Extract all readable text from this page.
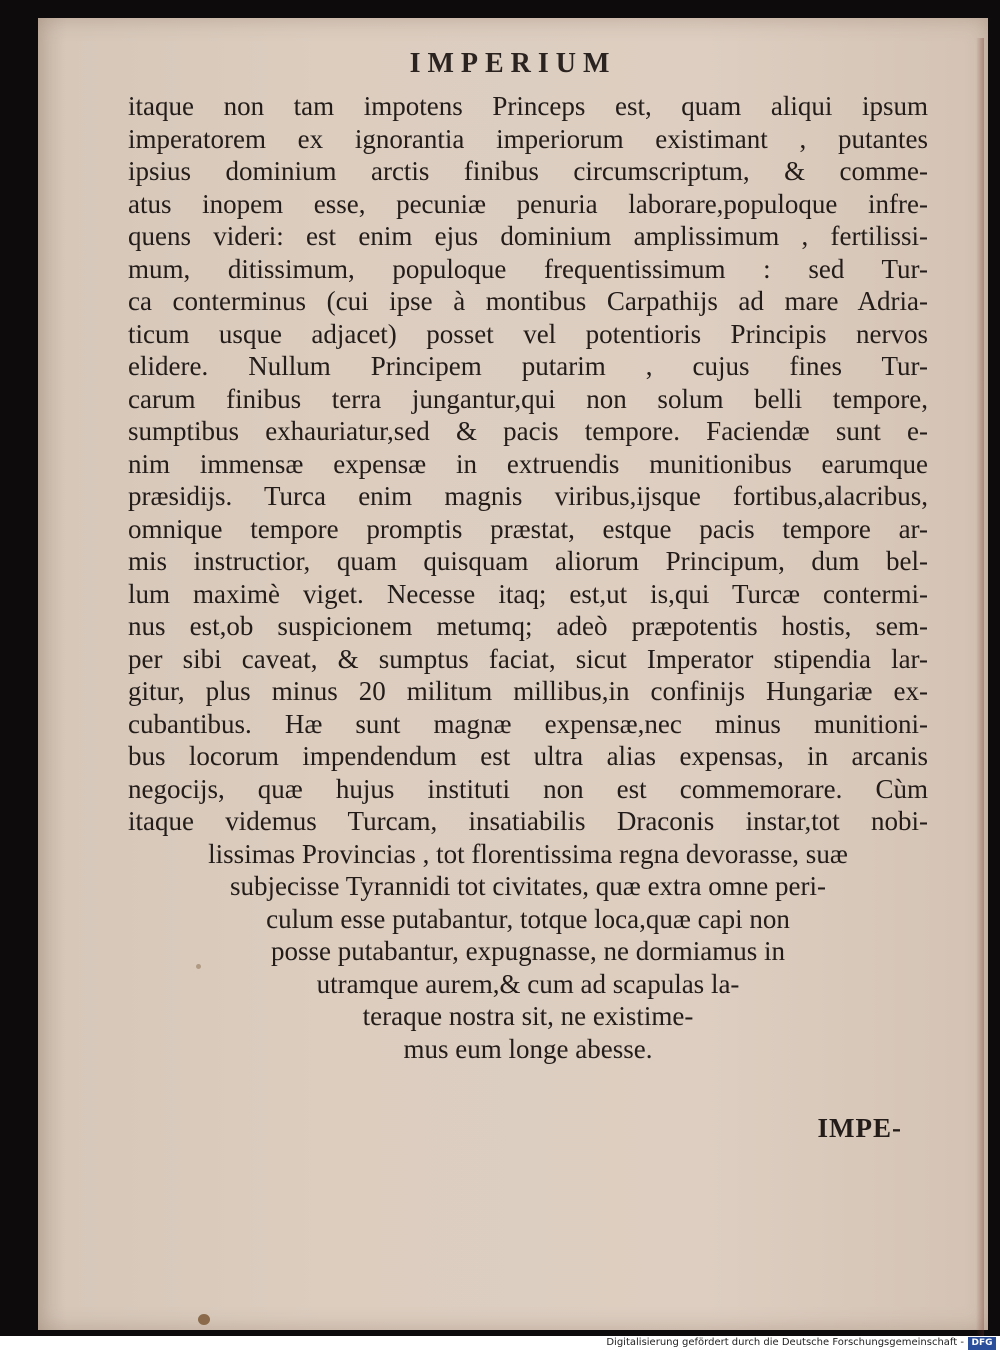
IMPERIUM
itaque non tam impotens Princeps est, quam aliqui ipsum
imperatorem ex ignorantia imperiorum existimant , putantes
ipsius dominium arctis finibus circumscriptum, & comme-
atus inopem esse, pecuniæ penuria laborare,populoque infre-
quens videri: est enim ejus dominium amplissimum , fertilissi-
mum, ditissimum, populoque frequentissimum : sed Tur-
ca conterminus (cui ipse à montibus Carpathijs ad mare Adria-
ticum usque adjacet) posset vel potentioris Principis nervos
elidere. Nullum Principem putarim , cujus fines Tur-
carum finibus terra jungantur,qui non solum belli tempore,
sumptibus exhauriatur,sed & pacis tempore. Faciendæ sunt e-
nim immensæ expensæ in extruendis munitionibus earumque
præsidijs. Turca enim magnis viribus,ijsque fortibus,alacribus,
omnique tempore promptis præstat, estque pacis tempore ar-
mis instructior, quam quisquam aliorum Principum, dum bel-
lum maximè viget. Necesse itaq; est,ut is,qui Turcæ contermi-
nus est,ob suspicionem metumq; adeò præpotentis hostis, sem-
per sibi caveat, & sumptus faciat, sicut Imperator stipendia lar-
gitur, plus minus 20 militum millibus,in confinijs Hungariæ ex-
cubantibus. Hæ sunt magnæ expensæ,nec minus munitioni-
bus locorum impendendum est ultra alias expensas, in arcanis
negocijs, quæ hujus instituti non est commemorare. Cùm
itaque videmus Turcam, insatiabilis Draconis instar,tot nobi-
lissimas Provincias , tot florentissima regna devorasse, suæ
subjecisse Tyrannidi tot civitates, quæ extra omne peri-
culum esse putabantur, totque loca,quæ capi non
posse putabantur, expugnasse, ne dormiamus in
utramque aurem,& cum ad scapulas la-
teraque nostra sit, ne existime-
mus eum longe abesse.
IMPE-
Digitalisierung gefördert durch die Deutsche Forschungsgemeinschaft - DFG
